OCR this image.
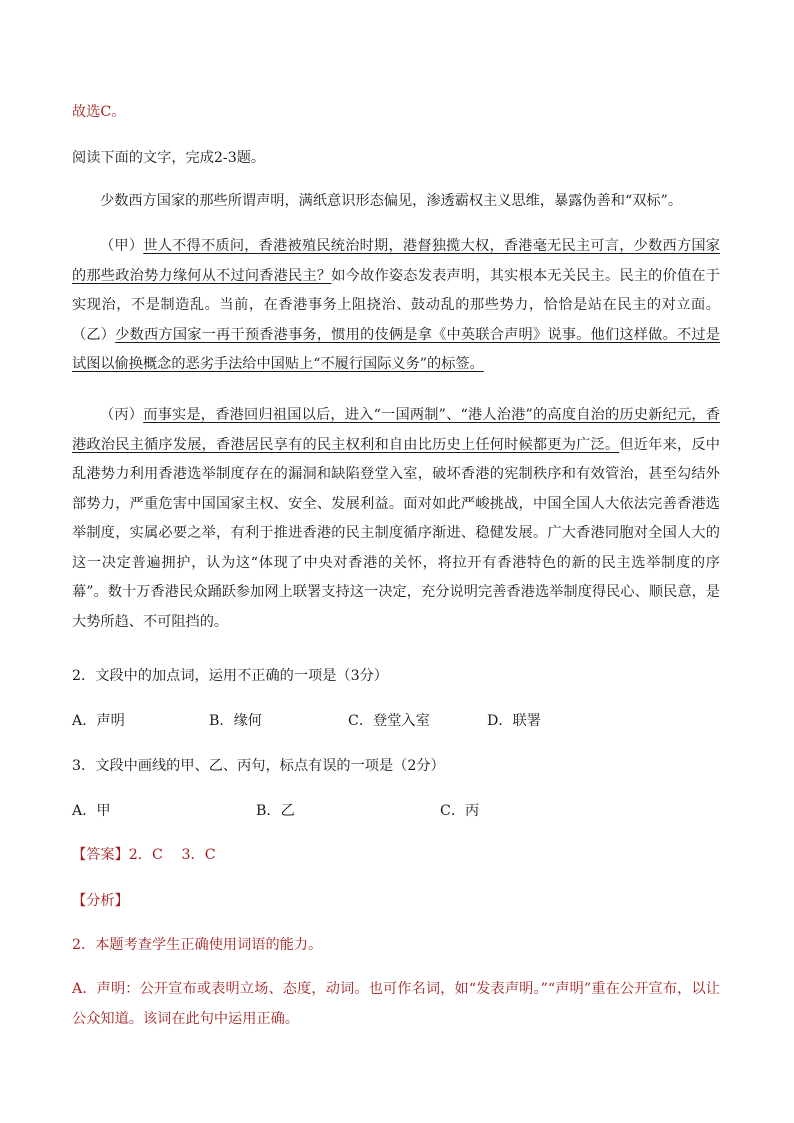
故选C。
阅读下面的文字，完成2-3题。

少数西方国家的那些所谓声明，满纸意识形态偏见，渗透霸权主义思维，暴露伪善和“双标”。

（甲）世人不得不质问，香港被殖民统治时期，港督独揽大权，香港毫无民主可言，少数西方国家的那些政治势力缘何从不过问香港民主？如今故作姿态发表声明，其实根本无关民主。民主的价值在于实现治，不是制造乱。当前，在香港事务上阻挠治、鼓动乱的那些势力，恰恰是站在民主的对立面。（乙）少数西方国家一再干预香港事务，惯用的伎俩是拿《中英联合声明》说事。他们这样做。不过是试图以偷换概念的恶劣手法给中国贴上“不履行国际义务”的标签。

（丙）而事实是，香港回归祖国以后，进入“一国两制”、“港人治港”的高度自治的历史新纪元，香港政治民主循序发展，香港居民享有的民主权利和自由比历史上任何时候都更为广泛。但近年来，反中乱港势力利用香港选举制度存在的漏洞和缺陷登堂入室，破坏香港的宪制秩序和有效管治，甚至勾结外部势力，严重危害中国国家主权、安全、发展利益。面对如此严峻挑战，中国全国人大依法完善香港选举制度，实属必要之举，有利于推进香港的民主制度循序渐进、稳健发展。广大香港同胞对全国人大的这一决定普遍拥护，认为这“体现了中央对香港的关怀，将拉开有香港特色的新的民主选举制度的序幕”。数十万香港民众踊跃参加网上联署支持这一决定，充分说明完善香港选举制度得民心、顺民意，是大势所趋、不可阻挡的。

2．文段中的加点词，运用不正确的一项是（3分）
A．声明	B．缘何	C．登堂入室	D．联署
3．文段中画线的甲、乙、丙句，标点有误的一项是（2分）
A．甲	B．乙	C．丙
【答案】2．C　 3．C
【分析】
2．本题考查学生正确使用词语的能力。

A．声明：公开宣布或表明立场、态度，动词。也可作名词，如“发表声明。”“声明”重在公开宣布，以让公众知道。该词在此句中运用正确。
